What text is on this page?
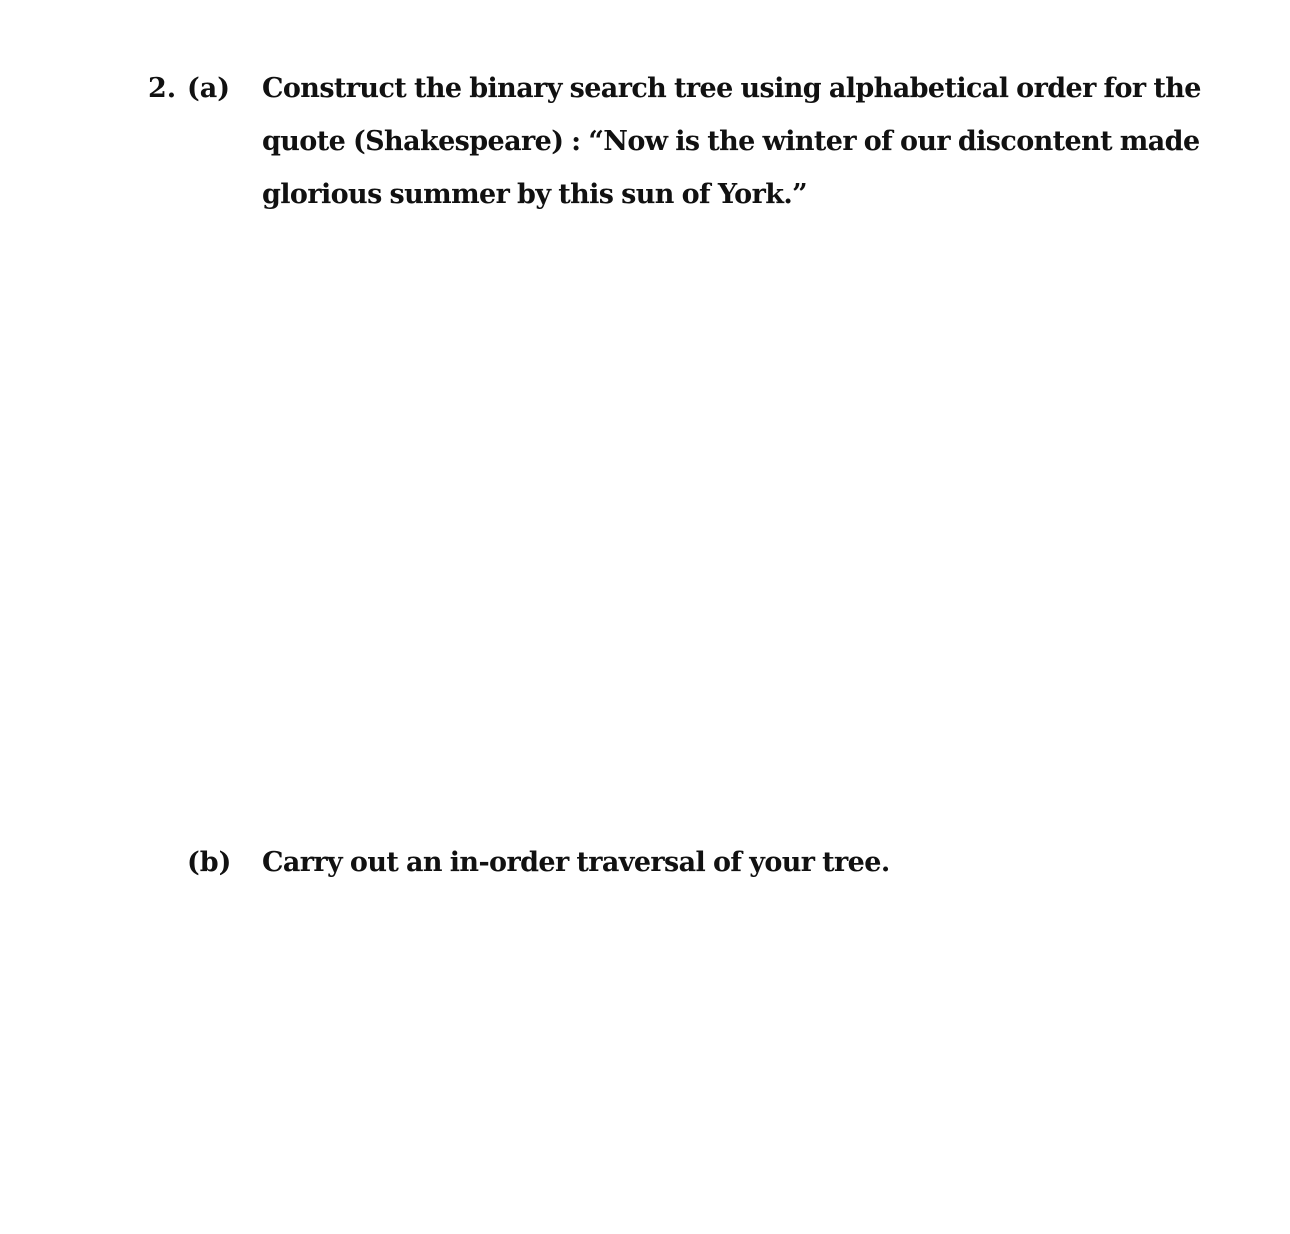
2. (a) Construct the binary search tree using alphabetical order for the
quote (Shakespeare) : “Now is the winter of our discontent made
glorious summer by this sun of York.”
(b) Carry out an in-order traversal of your tree.
